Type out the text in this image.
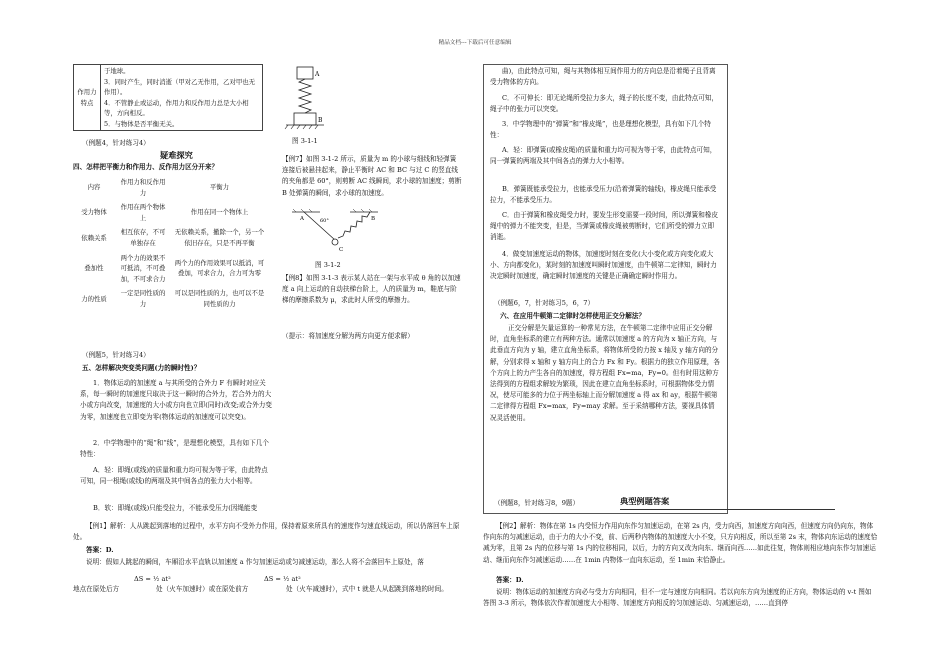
精品文档---下载后可任意编辑
作用力特点	
于地球。
3．同时产生，同时消逝（甲对乙无作用，乙对甲也无作用）。
4．不管静止或运动，作用力和反作用力总是大小相等，方向相反。
5．与物体是否平衡无关。
（例题4，针对练习4）
疑难探究
四、怎样把平衡力和作用力、反作用力区分开来？
内容	作用力和反作用力	平衡力
受力物体	作用在两个物体上	作用在同一个物体上
依赖关系	相互依存，不可单独存在	无依赖关系，撤除一个，另一个依旧存在，只是不再平衡
叠加性	两个力的效果不可抵消，不可叠加，不可求合力	两个力的作用效果可以抵消，可叠加，可求合力，合力可为零
力的性质	一定是同性质的力	可以是同性质的力，也可以不是同性质的力
（例题5，针对练习4）
五、怎样解决突变类问题(力的瞬时性)？
1．物体运动的加速度 a 与其所受的合外力 F 有瞬时对应关系，每一瞬时的加速度只取决于这一瞬时的合外力，若合外力的大小或方向改变，加速度的大小或方向也立即(同时)改变;或合外力变为零，加速度也立即变为零(物体运动的加速度可以突变)。
2．中学物理中的“绳”和“线”，是理想化模型，具有如下几个特性：
A．轻：即绳(或线)的质量和重力均可视为等于零，由此特点可知，同一根绳(或线)的两端及其中间各点的张力大小相等。
B．软：即绳(或线)只能受拉力，不能承受压力(因绳能变
A
B
图 3-1-1
【例7】如图 3-1-2 所示，质量为 m 的小球与细线和轻弹簧连接后被悬挂起来，静止平衡时 AC 和 BC 与过 C 的竖直线的夹角都是 60°，则剪断 AC 线瞬间，求小球的加速度；剪断 B 处弹簧的瞬间，求小球的加速度。
A	B
C
60°
图 3-1-2
【例8】如图 3-1-3 表示某人站在一架与水平成 θ 角的以加速度 a 向上运动的自动扶梯台阶上，人的质量为 m，鞋底与阶梯的摩擦系数为 μ，求此时人所受的摩擦力。
（提示：将加速度分解为两方向更方便求解）
曲)，由此特点可知，绳与其物体相互间作用力的方向总是沿着绳子且背离受力物体的方向。
C．不可伸长：即无论绳所受拉力多大，绳子的长度不变，由此特点可知，绳子中的张力可以突变。
3．中学物理中的“弹簧”和“橡皮绳”，也是理想化模型，具有如下几个特性：
A．轻：即弹簧(或橡皮绳)的质量和重力均可视为等于零，由此特点可知，同一弹簧的两端及其中间各点的弹力大小相等。
B．弹簧既能承受拉力，也能承受压力(沿着弹簧的轴线)，橡皮绳只能承受拉力，不能承受压力。
C．由于弹簧和橡皮绳受力时，要发生形变需要一段时间，所以弹簧和橡皮绳中的弹力不能突变，但是，当弹簧或橡皮绳被剪断时，它们所受的弹力立即消逝。
4．做变加速度运动的物体，加速度时刻在变化(大小变化或方向变化或大小、方向都变化)，某时刻的加速度叫瞬时加速度，由牛顿第二定律知，瞬时力决定瞬时加速度，确定瞬时加速度的关键是正确确定瞬时作用力。
（例题6，7，针对练习5，6，7）
六、在应用牛顿第二定律时怎样使用正交分解法？
正交分解是矢量运算的一种常见方法，在牛顿第二定律中应用正交分解时，直角坐标系的建立有两种方法。通常以加速度 a 的方向为 x 轴正方向，与此垂直方向为 y 轴，建立直角坐标系，将物体所受的力按 x 轴及 y 轴方向的分解，分别求得 x 轴和 y 轴方向上的合力 Fx 和 Fy。根据力的独立作用原理，各个方向上的力产生各自的加速度，得方程组 Fx=ma，Fy=0。但有时用这种方法得到的方程组求解较为繁琐，因此在建立直角坐标系时，可根据物体受力情况，使尽可能多的力位于两坐标轴上而分解加速度 a 得 ax 和 ay，根据牛顿第二定律得方程组 Fx=max，Fy=may 求解。至于采纳哪种方法，要视具体情况灵活使用。
（例题8，针对练习8，9题）	典型例题答案
【例1】解析：人从跳起到落地的过程中，水平方向不受外力作用，保持着原来所具有的速度作匀速直线运动，所以仍落回车上原处。
答案：D.
说明：假如人跳起的瞬间，车厢沿水平直轨以加速度 a 作匀加速运动或匀减速运动，那么人将不会落回车上原处，落
ΔS = ½ at²	ΔS = ½ at²
地点在原处后方	处（火车加速时）或在原处前方	处（火车减速时），式中 t 就是人从起跳到落地的时间。
【例2】解析：物体在第 1s 内受恒力作用向东作匀加速运动，在第 2s 内，受力向西，加速度方向向西，但速度方向仍向东，物体作向东的匀减速运动，由于力的大小不变，前、后两秒内物体的加速度大小不变，只方向相反，所以至第 2s 末，物体向东运动的速度恰减为零，且第 2s 内的位移与第 1s 内的位移相同，以后，力的方向又改为向东、继而向西……如此往复，物体则相应地向东作匀加速运动、继而向东作匀减速运动……在 1min 内物体一直向东运动，至 1min 末恰静止。
答案：D.
说明：物体运动的加速度方向必与受力方向相同，但不一定与速度方向相同。若以向东方向为速度的正方向，物体运动的 v-t 图如答图 3-3 所示，物体依次作着加速度大小相等、加速度方向相反的匀加速运动、匀减速运动，……直到停
